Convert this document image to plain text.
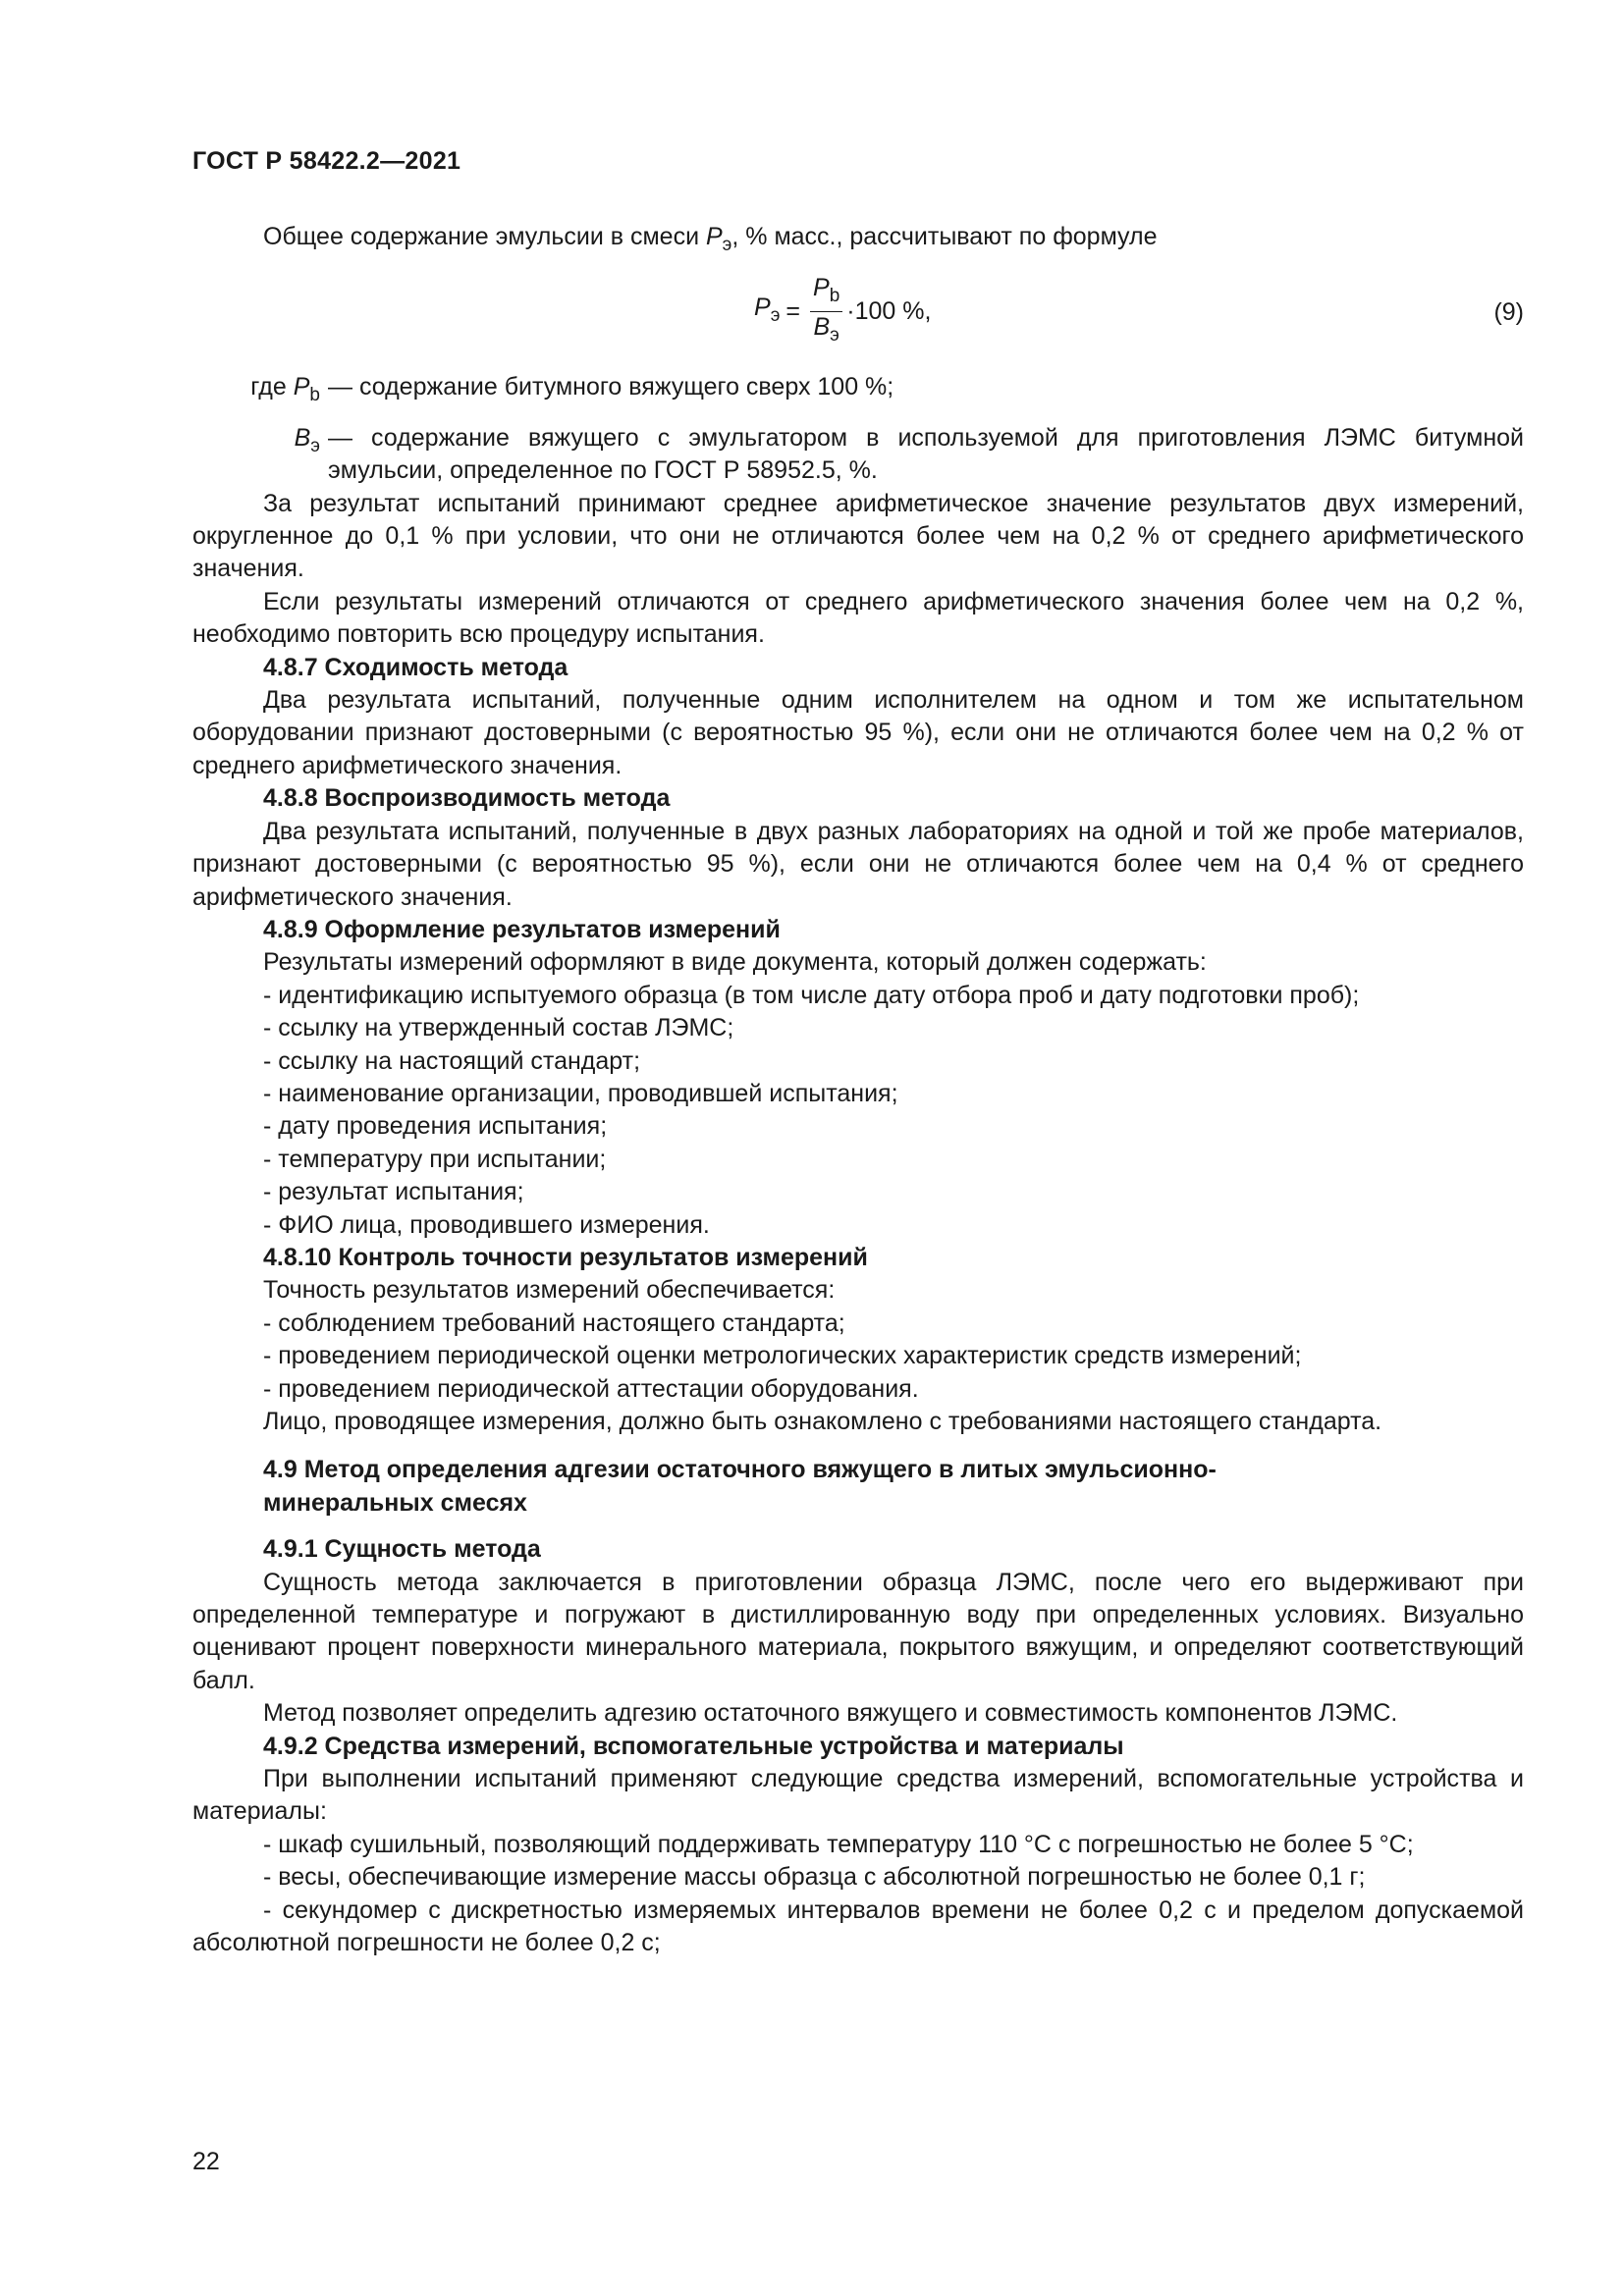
ГОСТ Р 58422.2—2021

Общее содержание эмульсии в смеси $P_э$, % масс., рассчитывают по формуле

$P_э = \frac{P_b}{B_э} \cdot 100$ %,	(9)
где $P_b$ — содержание битумного вяжущего сверх 100 %;
$B_э$ — содержание вяжущего с эмульгатором в используемой для приготовления ЛЭМС битумной эмульсии, определенное по ГОСТ Р 58952.5, %.

За результат испытаний принимают среднее арифметическое значение результатов двух измерений, округленное до 0,1 % при условии, что они не отличаются более чем на 0,2 % от среднего арифметического значения.

Если результаты измерений отличаются от среднего арифметического значения более чем на 0,2 %, необходимо повторить всю процедуру испытания.

4.8.7 Сходимость метода

Два результата испытаний, полученные одним исполнителем на одном и том же испытательном оборудовании признают достоверными (с вероятностью 95 %), если они не отличаются более чем на 0,2 % от среднего арифметического значения.

4.8.8 Воспроизводимость метода

Два результата испытаний, полученные в двух разных лабораториях на одной и той же пробе материалов, признают достоверными (с вероятностью 95 %), если они не отличаются более чем на 0,4 % от среднего арифметического значения.

4.8.9 Оформление результатов измерений

Результаты измерений оформляют в виде документа, который должен содержать:

- идентификацию испытуемого образца (в том числе дату отбора проб и дату подготовки проб);

- ссылку на утвержденный состав ЛЭМС;

- ссылку на настоящий стандарт;

- наименование организации, проводившей испытания;

- дату проведения испытания;

- температуру при испытании;

- результат испытания;

- ФИО лица, проводившего измерения.

4.8.10 Контроль точности результатов измерений

Точность результатов измерений обеспечивается:

- соблюдением требований настоящего стандарта;

- проведением периодической оценки метрологических характеристик средств измерений;

- проведением периодической аттестации оборудования.

Лицо, проводящее измерения, должно быть ознакомлено с требованиями настоящего стандарта.

4.9 Метод определения адгезии остаточного вяжущего в литых эмульсионно-
минеральных смесях

4.9.1 Сущность метода

Сущность метода заключается в приготовлении образца ЛЭМС, после чего его выдерживают при определенной температуре и погружают в дистиллированную воду при определенных условиях. Визуально оценивают процент поверхности минерального материала, покрытого вяжущим, и определяют соответствующий балл.

Метод позволяет определить адгезию остаточного вяжущего и совместимость компонентов ЛЭМС.

4.9.2 Средства измерений, вспомогательные устройства и материалы

При выполнении испытаний применяют следующие средства измерений, вспомогательные устройства и материалы:

- шкаф сушильный, позволяющий поддерживать температуру 110 °С с погрешностью не более 5 °С;

- весы, обеспечивающие измерение массы образца с абсолютной погрешностью не более 0,1 г;

- секундомер с дискретностью измеряемых интервалов времени не более 0,2 с и пределом допускаемой абсолютной погрешности не более 0,2 с;

22
